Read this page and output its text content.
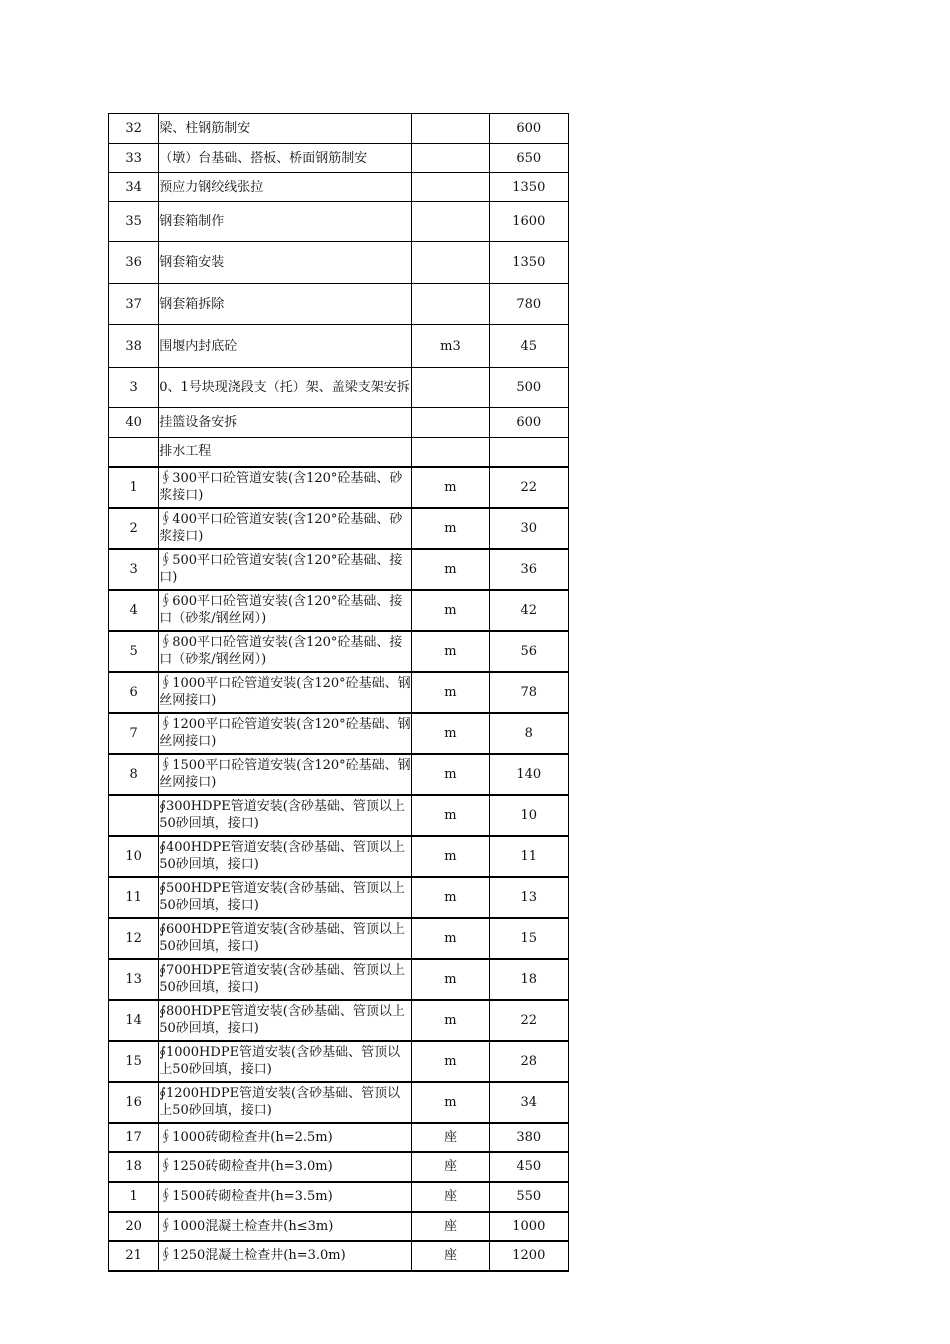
32	梁、柱钢筋制安		600
33	（墩）台基础、搭板、桥面钢筋制安		650
34	预应力钢绞线张拉		1350
35	钢套箱制作		1600
36	钢套箱安装		1350
37	钢套箱拆除		780
38	围堰内封底砼	m3	45
3	0、1号块现浇段支（托）架、盖梁支架安拆		500
40	挂篮设备安拆		600
	排水工程		
1	∮300平口砼管道安装(含120°砼基础、砂浆接口)	m	22
2	∮400平口砼管道安装(含120°砼基础、砂浆接口)	m	30
3	∮500平口砼管道安装(含120°砼基础、接口)	m	36
4	∮600平口砼管道安装(含120°砼基础、接口（砂浆/钢丝网）)	m	42
5	∮800平口砼管道安装(含120°砼基础、接口（砂浆/钢丝网）)	m	56
6	∮1000平口砼管道安装(含120°砼基础、钢丝网接口)	m	78
7	∮1200平口砼管道安装(含120°砼基础、钢丝网接口)	m	8
8	∮1500平口砼管道安装(含120°砼基础、钢丝网接口)	m	140
	∮300HDPE管道安装(含砂基础、管顶以上50砂回填，接口)	m	10
10	∮400HDPE管道安装(含砂基础、管顶以上50砂回填，接口)	m	11
11	∮500HDPE管道安装(含砂基础、管顶以上50砂回填，接口)	m	13
12	∮600HDPE管道安装(含砂基础、管顶以上50砂回填，接口)	m	15
13	∮700HDPE管道安装(含砂基础、管顶以上50砂回填，接口)	m	18
14	∮800HDPE管道安装(含砂基础、管顶以上50砂回填，接口)	m	22
15	∮1000HDPE管道安装(含砂基础、管顶以上50砂回填，接口)	m	28
16	∮1200HDPE管道安装(含砂基础、管顶以上50砂回填，接口)	m	34
17	∮1000砖砌检查井(h=2.5m)	座	380
18	∮1250砖砌检查井(h=3.0m)	座	450
1	∮1500砖砌检查井(h=3.5m)	座	550
20	∮1000混凝土检查井(h≤3m)	座	1000
21	∮1250混凝土检查井(h=3.0m)	座	1200
